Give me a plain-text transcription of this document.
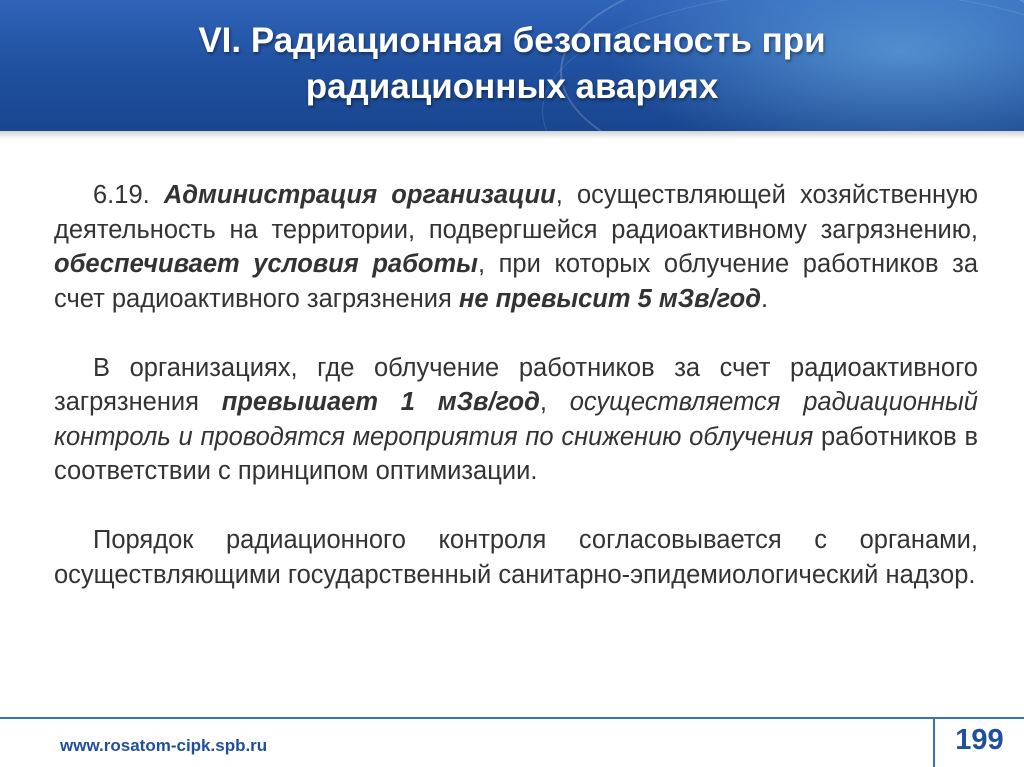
VI. Радиационная безопасность при
радиационных авариях

6.19. Администрация организации, осуществляющей хозяйственную деятельность на территории, подвергшейся радиоактивному загрязнению, обеспечивает условия работы, при которых облучение работников за счет радиоактивного загрязнения не превысит 5 мЗв/год.

В организациях, где облучение работников за счет радиоактивного загрязнения превышает 1 мЗв/год, осуществляется радиационный контроль и проводятся мероприятия по снижению облучения работников в соответствии с принципом оптимизации.

Порядок радиационного контроля согласовывается с органами, осуществляющими государственный санитарно-эпидемиологический надзор.

www.rosatom-cipk.spb.ru	199
